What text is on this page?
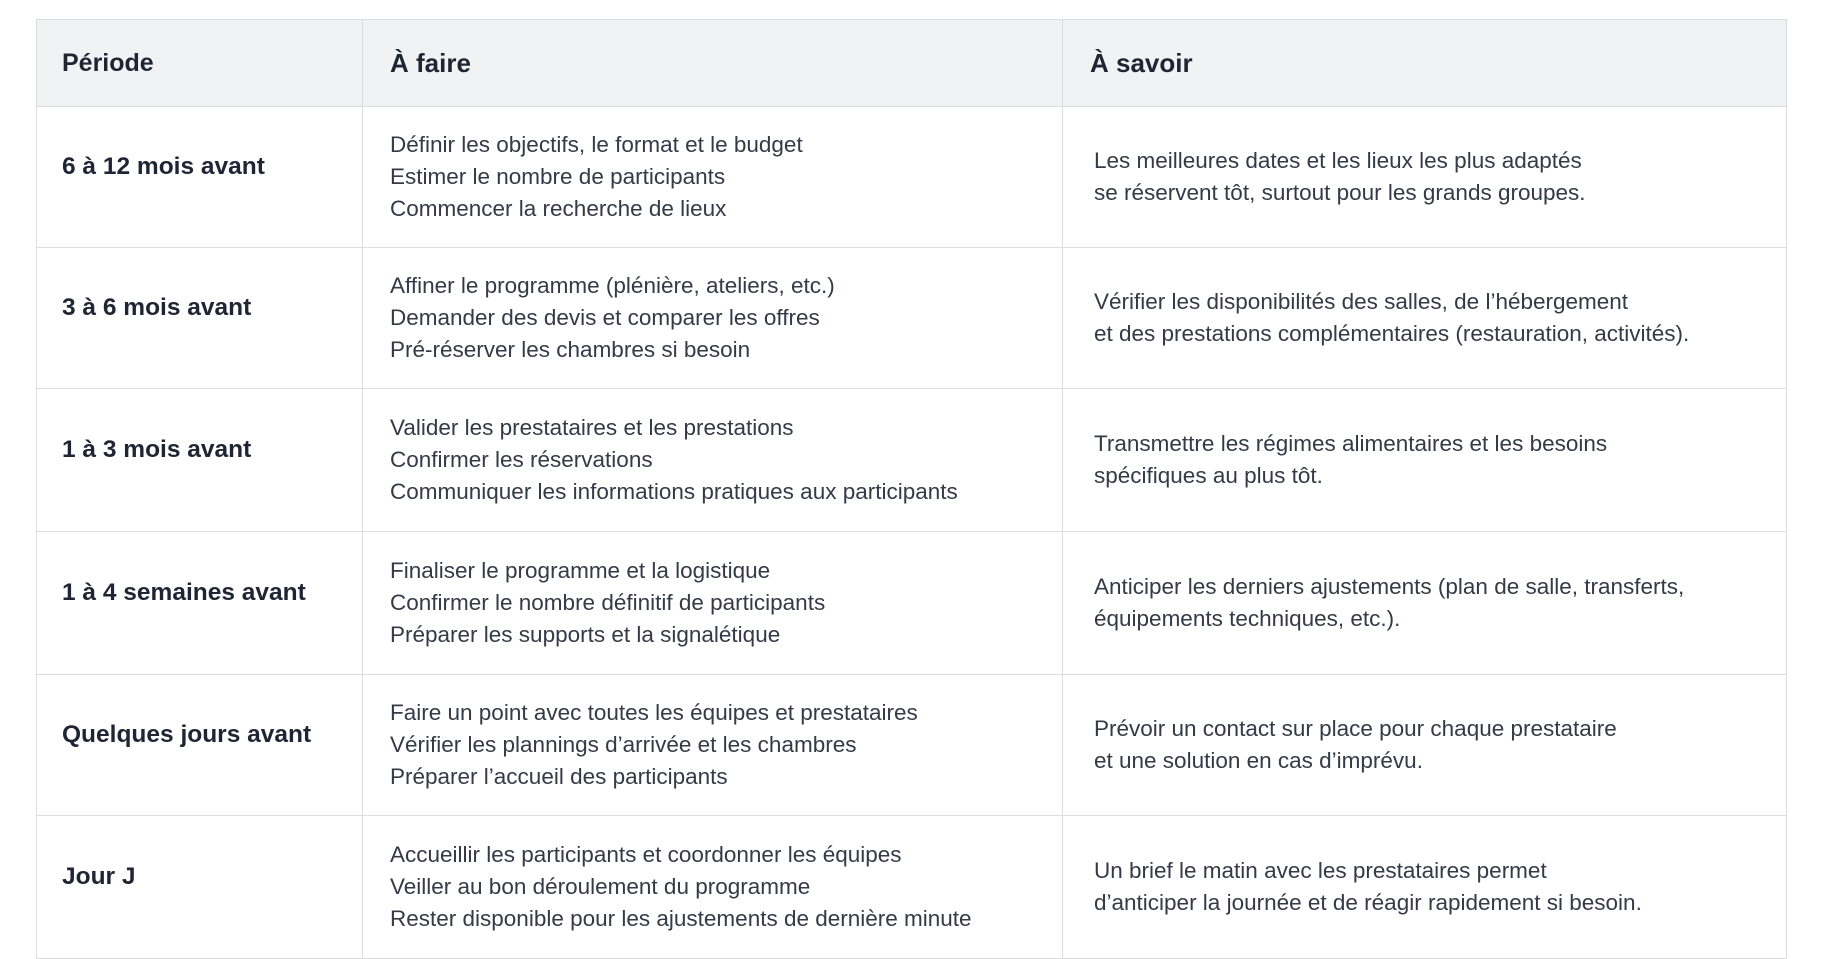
Période	À faire	À savoir
6 à 12 mois avant	Définir les objectifs, le format et le budget
Estimer le nombre de participants
Commencer la recherche de lieux	Les meilleures dates et les lieux les plus adaptés
se réservent tôt, surtout pour les grands groupes.

3 à 6 mois avant	Affiner le programme (plénière, ateliers, etc.)
Demander des devis et comparer les offres
Pré-réserver les chambres si besoin	Vérifier les disponibilités des salles, de l’hébergement
et des prestations complémentaires (restauration, activités).

1 à 3 mois avant	Valider les prestataires et les prestations
Confirmer les réservations
Communiquer les informations pratiques aux participants	Transmettre les régimes alimentaires et les besoins
spécifiques au plus tôt.

1 à 4 semaines avant	Finaliser le programme et la logistique
Confirmer le nombre définitif de participants
Préparer les supports et la signalétique	Anticiper les derniers ajustements (plan de salle, transferts,
équipements techniques, etc.).

Quelques jours avant	Faire un point avec toutes les équipes et prestataires
Vérifier les plannings d’arrivée et les chambres
Préparer l’accueil des participants	Prévoir un contact sur place pour chaque prestataire
et une solution en cas d’imprévu.

Jour J	Accueillir les participants et coordonner les équipes
Veiller au bon déroulement du programme
Rester disponible pour les ajustements de dernière minute	Un brief le matin avec les prestataires permet
d’anticiper la journée et de réagir rapidement si besoin.
